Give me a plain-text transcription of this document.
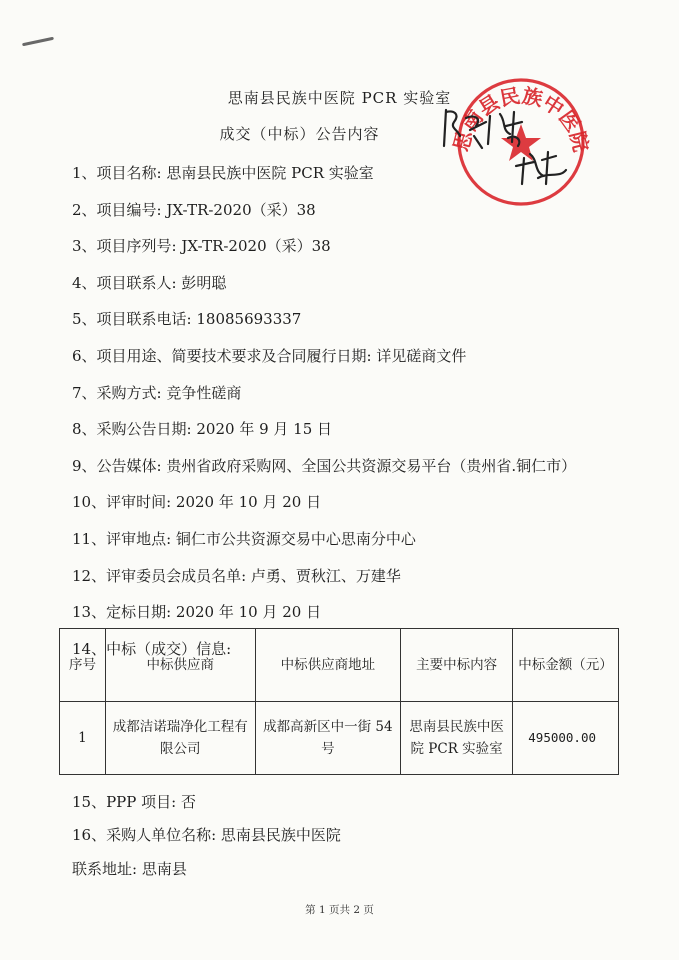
思南县民族中医院 PCR 实验室
成交（中标）公告内容	思南县民族中医院
1、项目名称: 思南县民族中医院 PCR 实验室
2、项目编号: JX-TR-2020（采）38
3、项目序列号: JX-TR-2020（采）38
4、项目联系人: 彭明聪
5、项目联系电话: 18085693337
6、项目用途、简要技术要求及合同履行日期: 详见磋商文件
7、采购方式: 竞争性磋商
8、采购公告日期: 2020 年 9 月 15 日
9、公告媒体: 贵州省政府采购网、全国公共资源交易平台（贵州省.铜仁市）
10、评审时间: 2020 年 10 月 20 日
11、评审地点: 铜仁市公共资源交易中心思南分中心
12、评审委员会成员名单: 卢勇、贾秋江、万建华
13、定标日期: 2020 年 10 月 20 日
14、中标（成交）信息:
序号	中标供应商	中标供应商地址	主要中标内容	中标金额（元）
1	成都洁诺瑞净化工程有限公司	成都高新区中一街 54 号	思南县民族中医院 PCR 实验室	495000.00
15、PPP 项目: 否
16、采购人单位名称: 思南县民族中医院
联系地址: 思南县
第 1 页共 2 页
